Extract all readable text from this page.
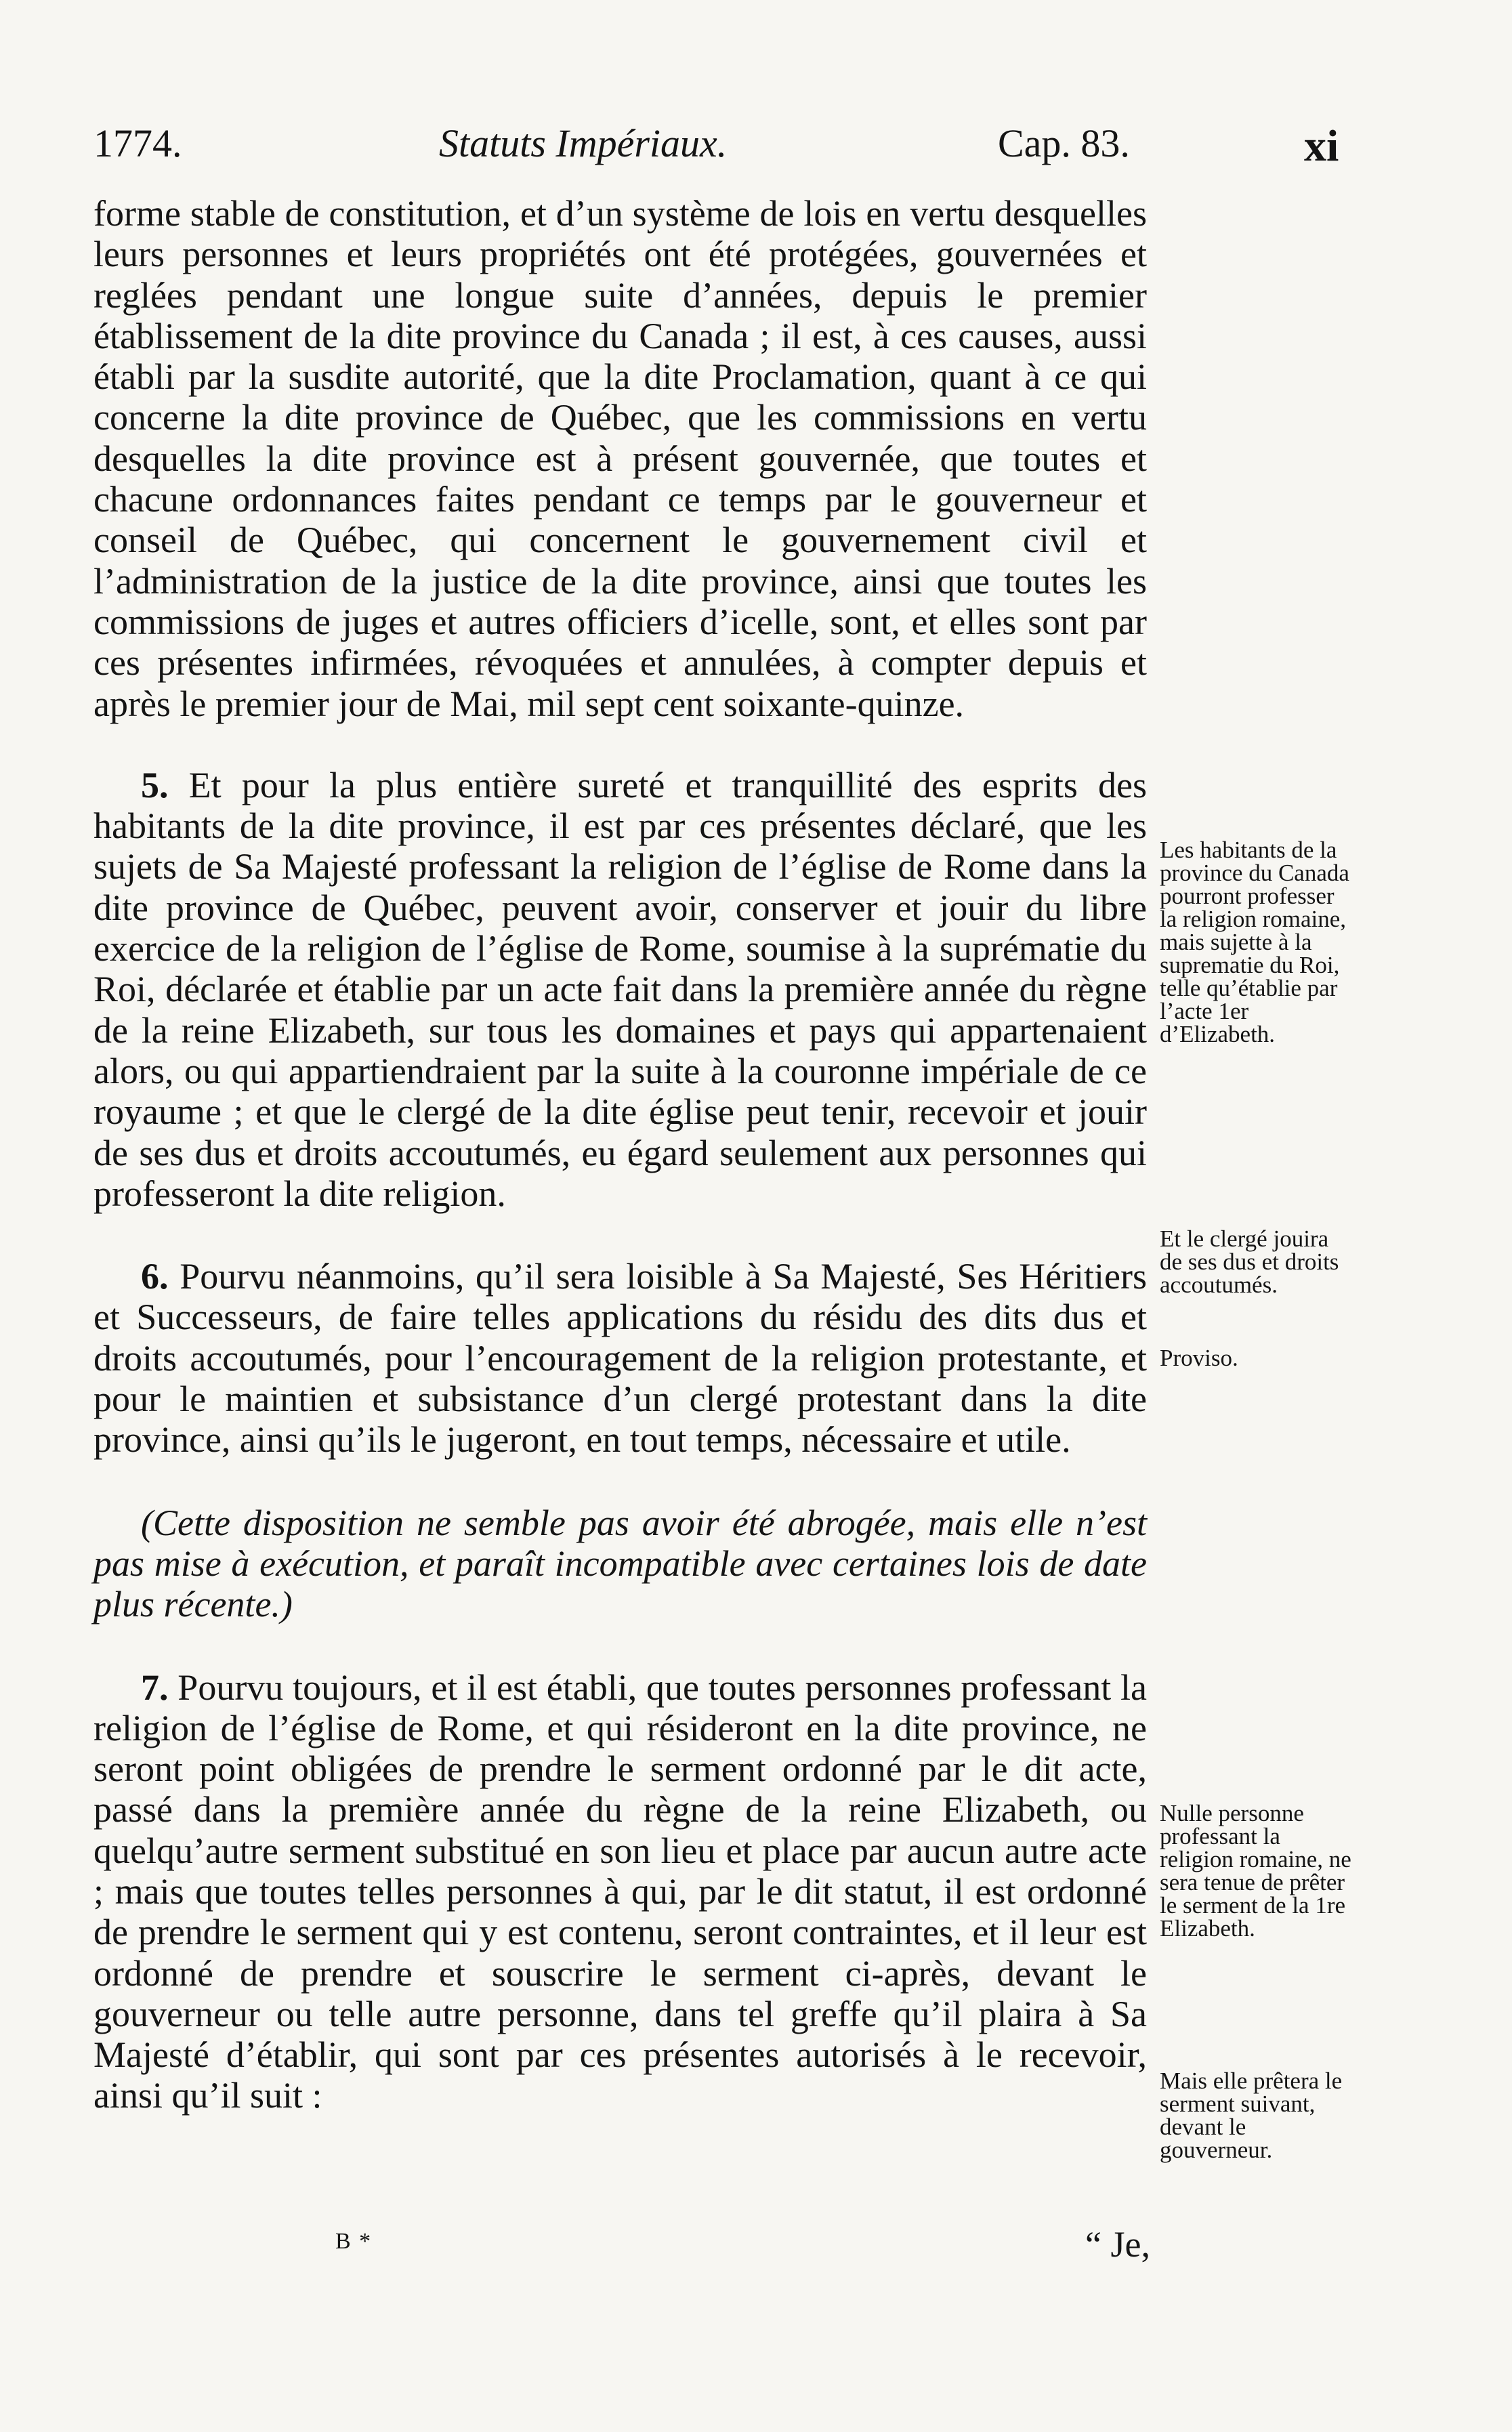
1774.	Statuts Impériaux.	Cap. 83.	xi

forme stable de constitution, et d’un système de lois en vertu desquelles leurs personnes et leurs propriétés ont été protégées, gouvernées et reglées pendant une longue suite d’années, depuis le premier établissement de la dite province du Canada ; il est, à ces causes, aussi établi par la susdite autorité, que la dite Proclamation, quant à ce qui concerne la dite province de Québec, que les commissions en vertu desquelles la dite province est à présent gouvernée, que toutes et chacune ordonnances faites pendant ce temps par le gouverneur et conseil de Québec, qui concernent le gouvernement civil et l’administration de la justice de la dite province, ainsi que toutes les commissions de juges et autres officiers d’icelle, sont, et elles sont par ces présentes infirmées, révoquées et annulées, à compter depuis et après le premier jour de Mai, mil sept cent soixante-quinze.

5. Et pour la plus entière sureté et tranquillité des esprits des habitants de la dite province, il est par ces présentes déclaré, que les sujets de Sa Majesté professant la religion de l’église de Rome dans la dite province de Québec, peuvent avoir, conserver et jouir du libre exercice de la religion de l’église de Rome, soumise à la suprématie du Roi, déclarée et établie par un acte fait dans la première année du règne de la reine Elizabeth, sur tous les domaines et pays qui appartenaient alors, ou qui appartiendraient par la suite à la couronne impériale de ce royaume ; et que le clergé de la dite église peut tenir, recevoir et jouir de ses dus et droits accoutumés, eu égard seulement aux personnes qui professeront la dite religion.

6. Pourvu néanmoins, qu’il sera loisible à Sa Majesté, Ses Héritiers et Successeurs, de faire telles applications du résidu des dits dus et droits accoutumés, pour l’encouragement de la religion protestante, et pour le maintien et subsistance d’un clergé protestant dans la dite province, ainsi qu’ils le jugeront, en tout temps, nécessaire et utile.

(Cette disposition ne semble pas avoir été abrogée, mais elle n’est pas mise à exécution, et paraît incompatible avec certaines lois de date plus récente.)

7. Pourvu toujours, et il est établi, que toutes personnes professant la religion de l’église de Rome, et qui résideront en la dite province, ne seront point obligées de prendre le serment ordonné par le dit acte, passé dans la première année du règne de la reine Elizabeth, ou quelqu’autre serment substitué en son lieu et place par aucun autre acte ; mais que toutes telles personnes à qui, par le dit statut, il est ordonné de prendre le serment qui y est contenu, seront contraintes, et il leur est ordonné de prendre et souscrire le serment ci-après, devant le gouverneur ou telle autre personne, dans tel greffe qu’il plaira à Sa Majesté d’établir, qui sont par ces présentes autorisés à le recevoir, ainsi qu’il suit :

Les habitants de la province du Canada pourront professer la religion romaine, mais sujette à la suprematie du Roi, telle qu’établie par l’acte 1er d’Elizabeth.

Et le clergé jouira de ses dus et droits accoutumés.

Proviso.

Nulle personne professant la religion romaine, ne sera tenue de prêter le serment de la 1re Elizabeth.

Mais elle prêtera le serment suivant, devant le gouverneur.

B *	“ Je,
